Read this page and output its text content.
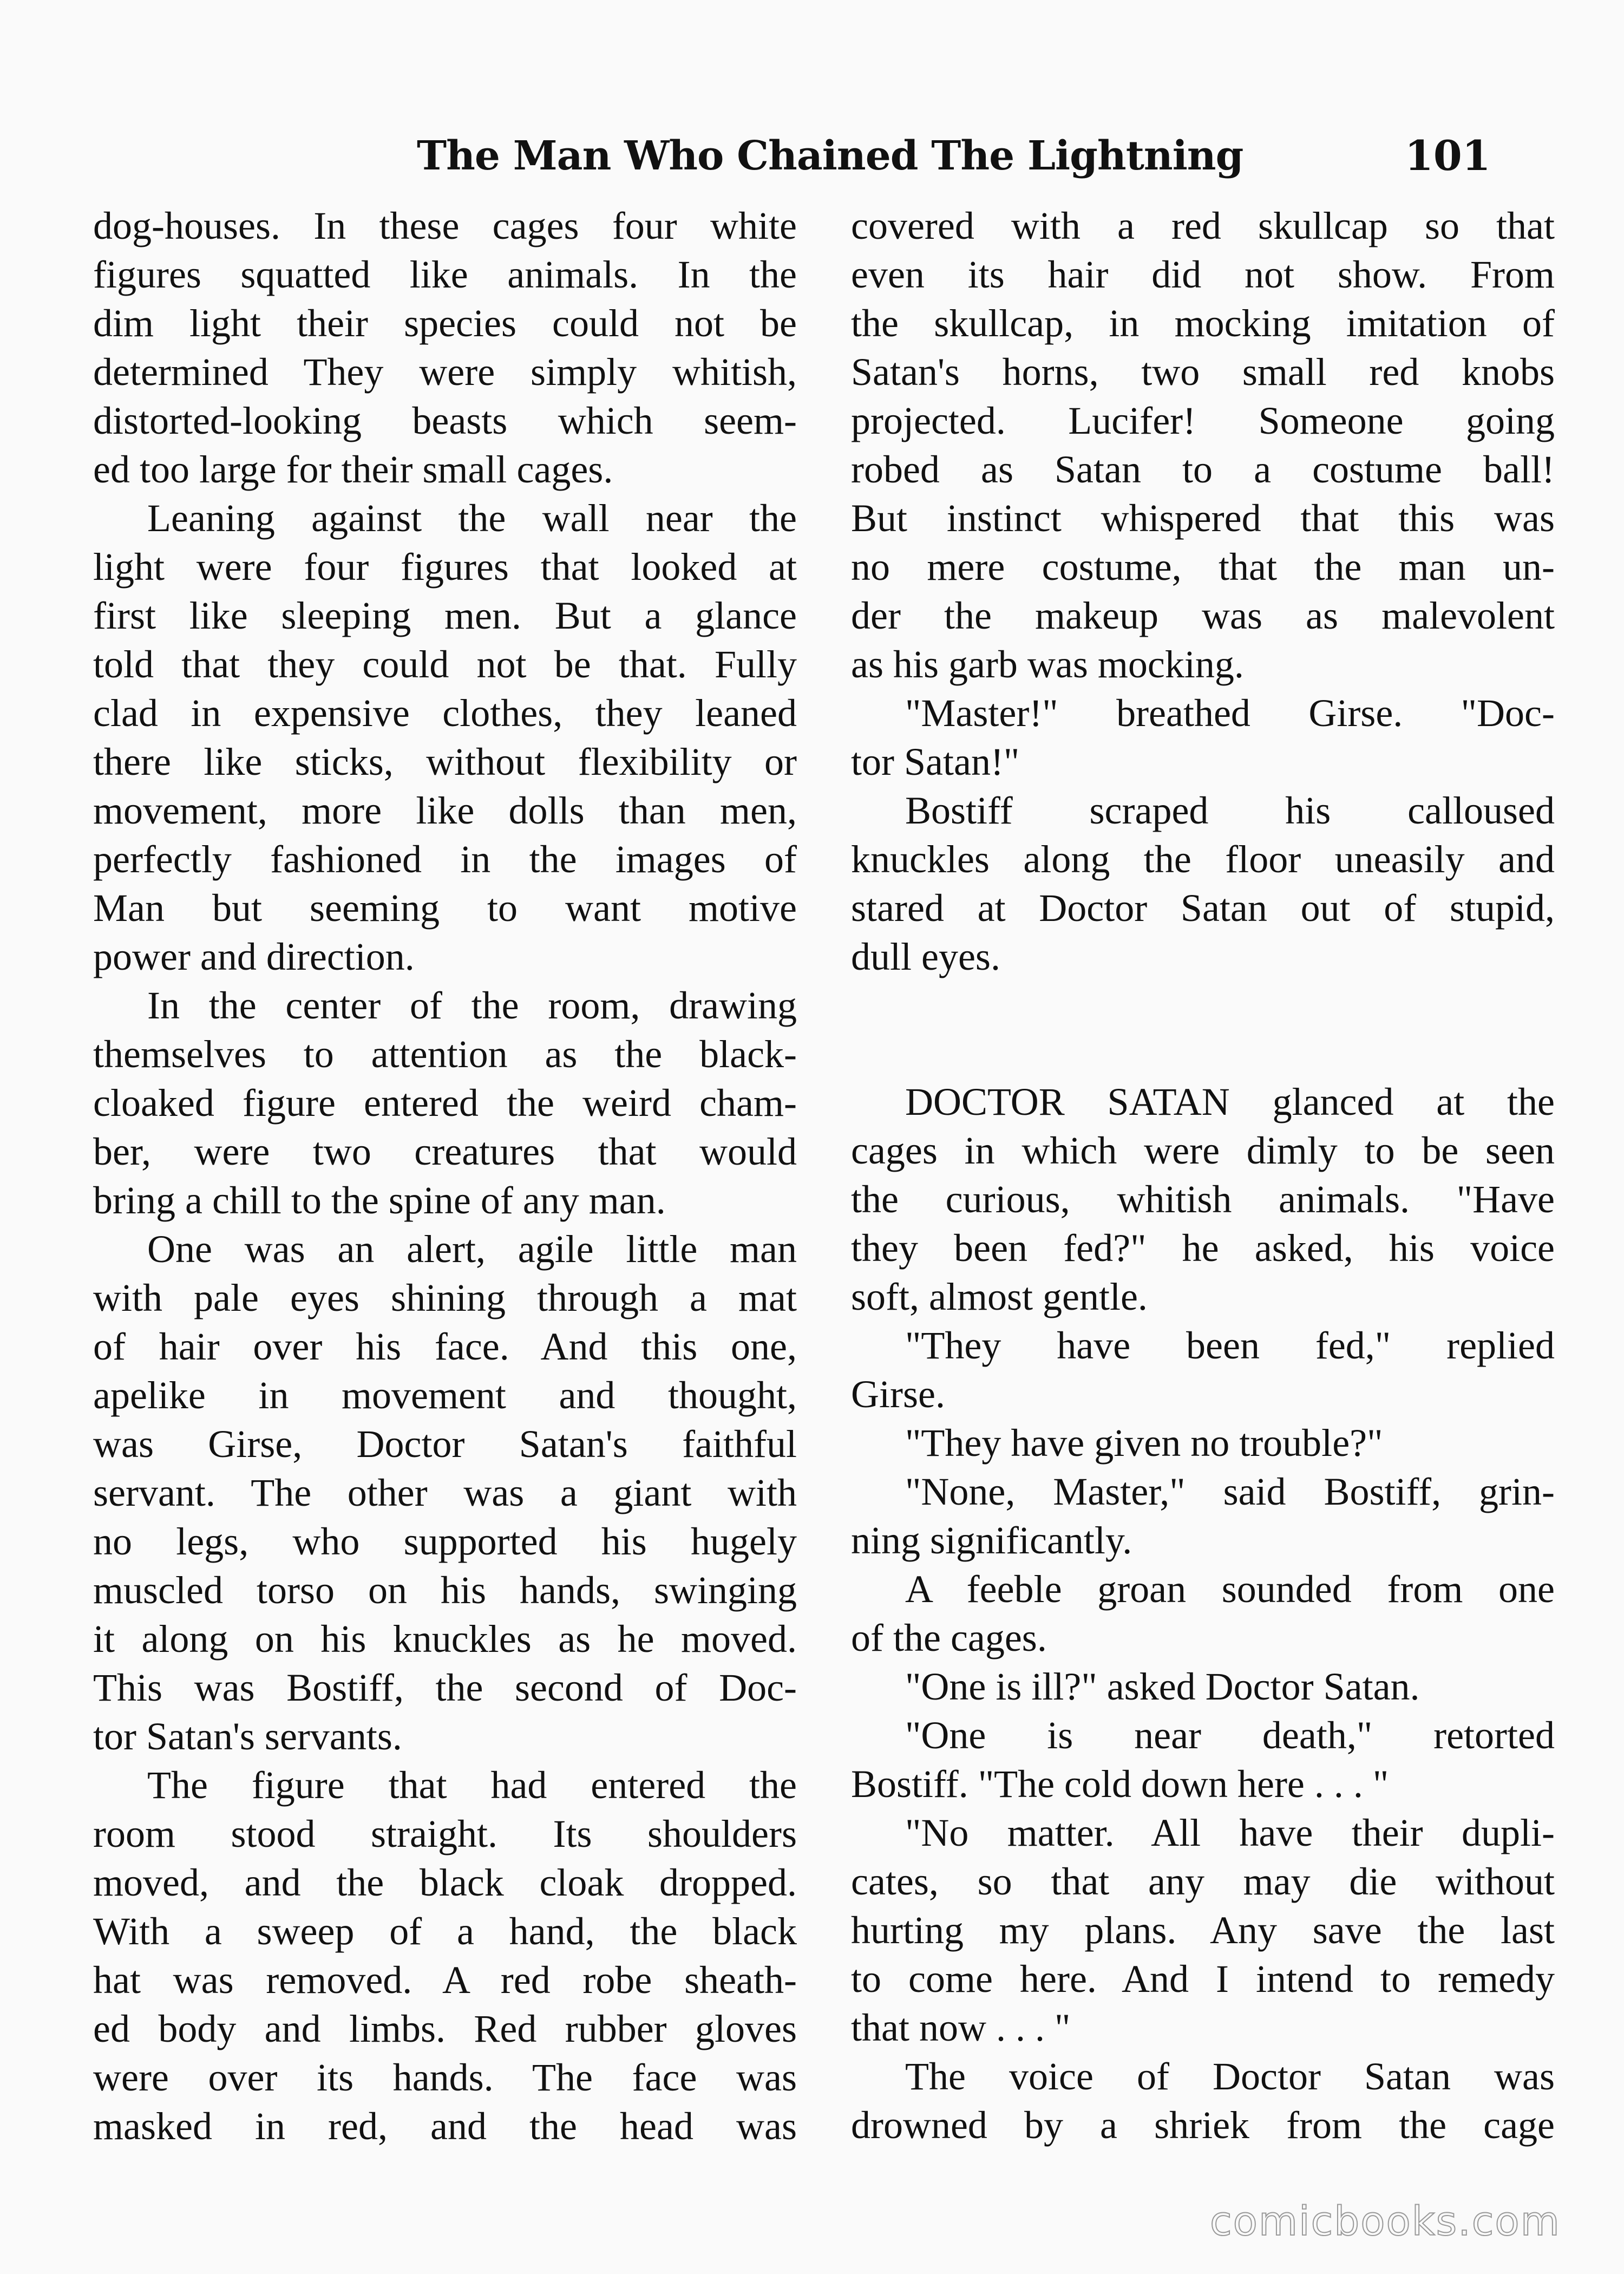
The Man Who Chained The Lightning	101
dog-houses. In these cages four white
figures squatted like animals. In the
dim light their species could not be
determined They were simply whitish,
distorted-looking beasts which seem-
ed too large for their small cages.
Leaning against the wall near the
light were four figures that looked at
first like sleeping men. But a glance
told that they could not be that. Fully
clad in expensive clothes, they leaned
there like sticks, without flexibility or
movement, more like dolls than men,
perfectly fashioned in the images of
Man but seeming to want motive
power and direction.
In the center of the room, drawing
themselves to attention as the black-
cloaked figure entered the weird cham-
ber, were two creatures that would
bring a chill to the spine of any man.
One was an alert, agile little man
with pale eyes shining through a mat
of hair over his face. And this one,
apelike in movement and thought,
was Girse, Doctor Satan's faithful
servant. The other was a giant with
no legs, who supported his hugely
muscled torso on his hands, swinging
it along on his knuckles as he moved.
This was Bostiff, the second of Doc-
tor Satan's servants.
The figure that had entered the
room stood straight. Its shoulders
moved, and the black cloak dropped.
With a sweep of a hand, the black
hat was removed. A red robe sheath-
ed body and limbs. Red rubber gloves
were over its hands. The face was
masked in red, and the head was
covered with a red skullcap so that
even its hair did not show. From
the skullcap, in mocking imitation of
Satan's horns, two small red knobs
projected. Lucifer! Someone going
robed as Satan to a costume ball!
But instinct whispered that this was
no mere costume, that the man un-
der the makeup was as malevolent
as his garb was mocking.
"Master!" breathed Girse. "Doc-
tor Satan!"
Bostiff scraped his calloused
knuckles along the floor uneasily and
stared at Doctor Satan out of stupid,
dull eyes.
DOCTOR SATAN glanced at the
cages in which were dimly to be seen
the curious, whitish animals. "Have
they been fed?" he asked, his voice
soft, almost gentle.
"They have been fed," replied
Girse.
"They have given no trouble?"
"None, Master," said Bostiff, grin-
ning significantly.
A feeble groan sounded from one
of the cages.
"One is ill?" asked Doctor Satan.
"One is near death," retorted
Bostiff. "The cold down here . . . "
"No matter. All have their dupli-
cates, so that any may die without
hurting my plans. Any save the last
to come here. And I intend to remedy
that now . . . "
The voice of Doctor Satan was
drowned by a shriek from the cage
comicbooks.com
